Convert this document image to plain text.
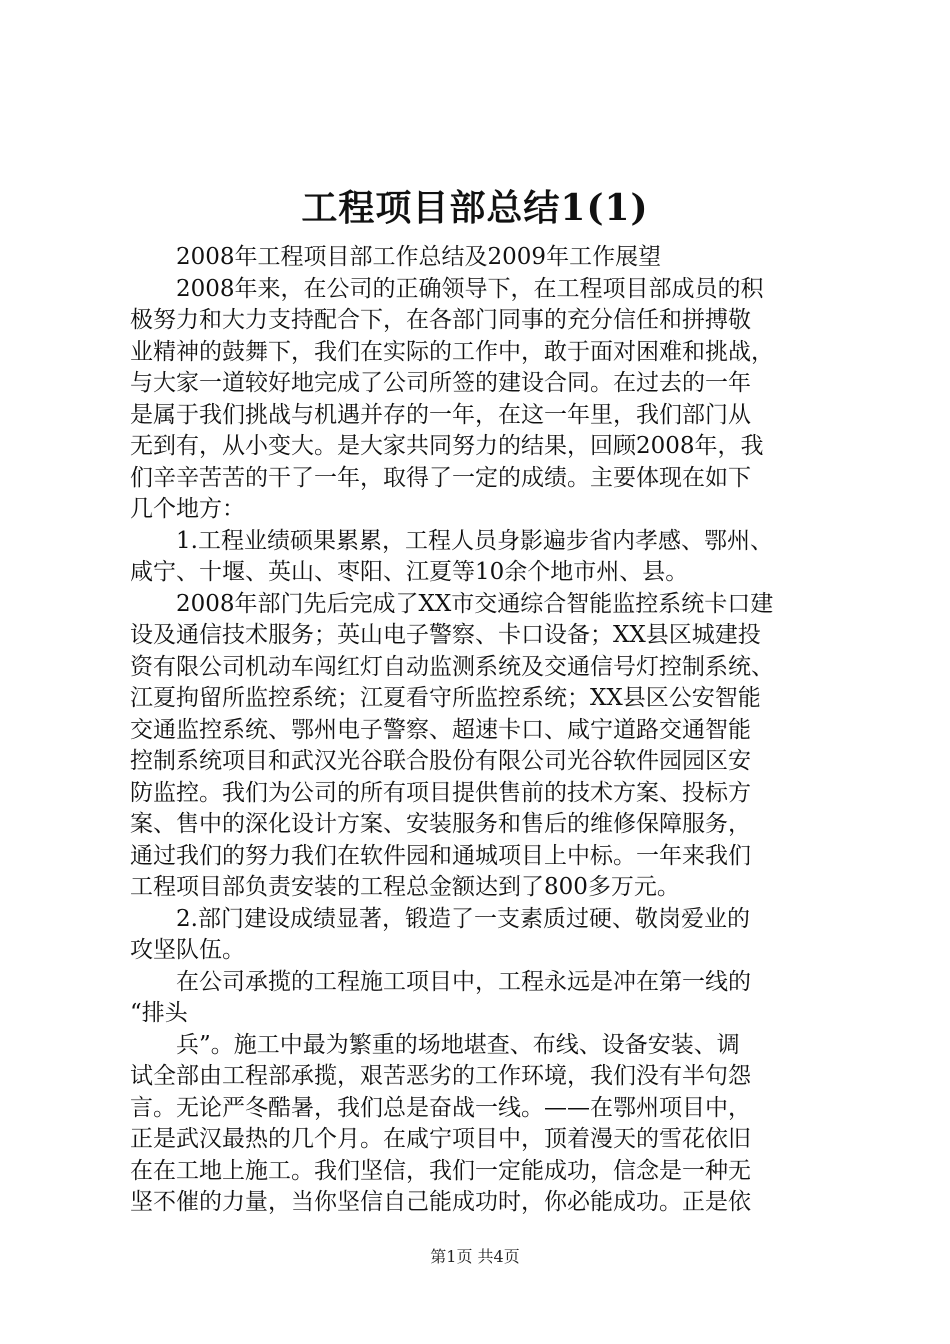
工程项目部总结1(1)
2008年工程项目部工作总结及2009年工作展望
2008年来，在公司的正确领导下，在工程项目部成员的积
极努力和大力支持配合下，在各部门同事的充分信任和拼搏敬
业精神的鼓舞下，我们在实际的工作中，敢于面对困难和挑战，
与大家一道较好地完成了公司所签的建设合同。在过去的一年
是属于我们挑战与机遇并存的一年，在这一年里，我们部门从
无到有，从小变大。是大家共同努力的结果，回顾2008年，我
们辛辛苦苦的干了一年，取得了一定的成绩。主要体现在如下
几个地方：
1.工程业绩硕果累累，工程人员身影遍步省内孝感、鄂州、
咸宁、十堰、英山、枣阳、江夏等10余个地市州、县。
2008年部门先后完成了XX市交通综合智能监控系统卡口建
设及通信技术服务；英山电子警察、卡口设备；XX县区城建投
资有限公司机动车闯红灯自动监测系统及交通信号灯控制系统、
江夏拘留所监控系统；江夏看守所监控系统；XX县区公安智能
交通监控系统、鄂州电子警察、超速卡口、咸宁道路交通智能
控制系统项目和武汉光谷联合股份有限公司光谷软件园园区安
防监控。我们为公司的所有项目提供售前的技术方案、投标方
案、售中的深化设计方案、安装服务和售后的维修保障服务，
通过我们的努力我们在软件园和通城项目上中标。一年来我们
工程项目部负责安装的工程总金额达到了800多万元。
2.部门建设成绩显著，锻造了一支素质过硬、敬岗爱业的
攻坚队伍。
在公司承揽的工程施工项目中，工程永远是冲在第一线的
“排头
兵”。施工中最为繁重的场地堪查、布线、设备安装、调
试全部由工程部承揽，艰苦恶劣的工作环境，我们没有半句怨
言。无论严冬酷暑，我们总是奋战一线。——在鄂州项目中，
正是武汉最热的几个月。在咸宁项目中，顶着漫天的雪花依旧
在在工地上施工。我们坚信，我们一定能成功，信念是一种无
坚不催的力量，当你坚信自己能成功时，你必能成功。正是依
第1页 共4页
